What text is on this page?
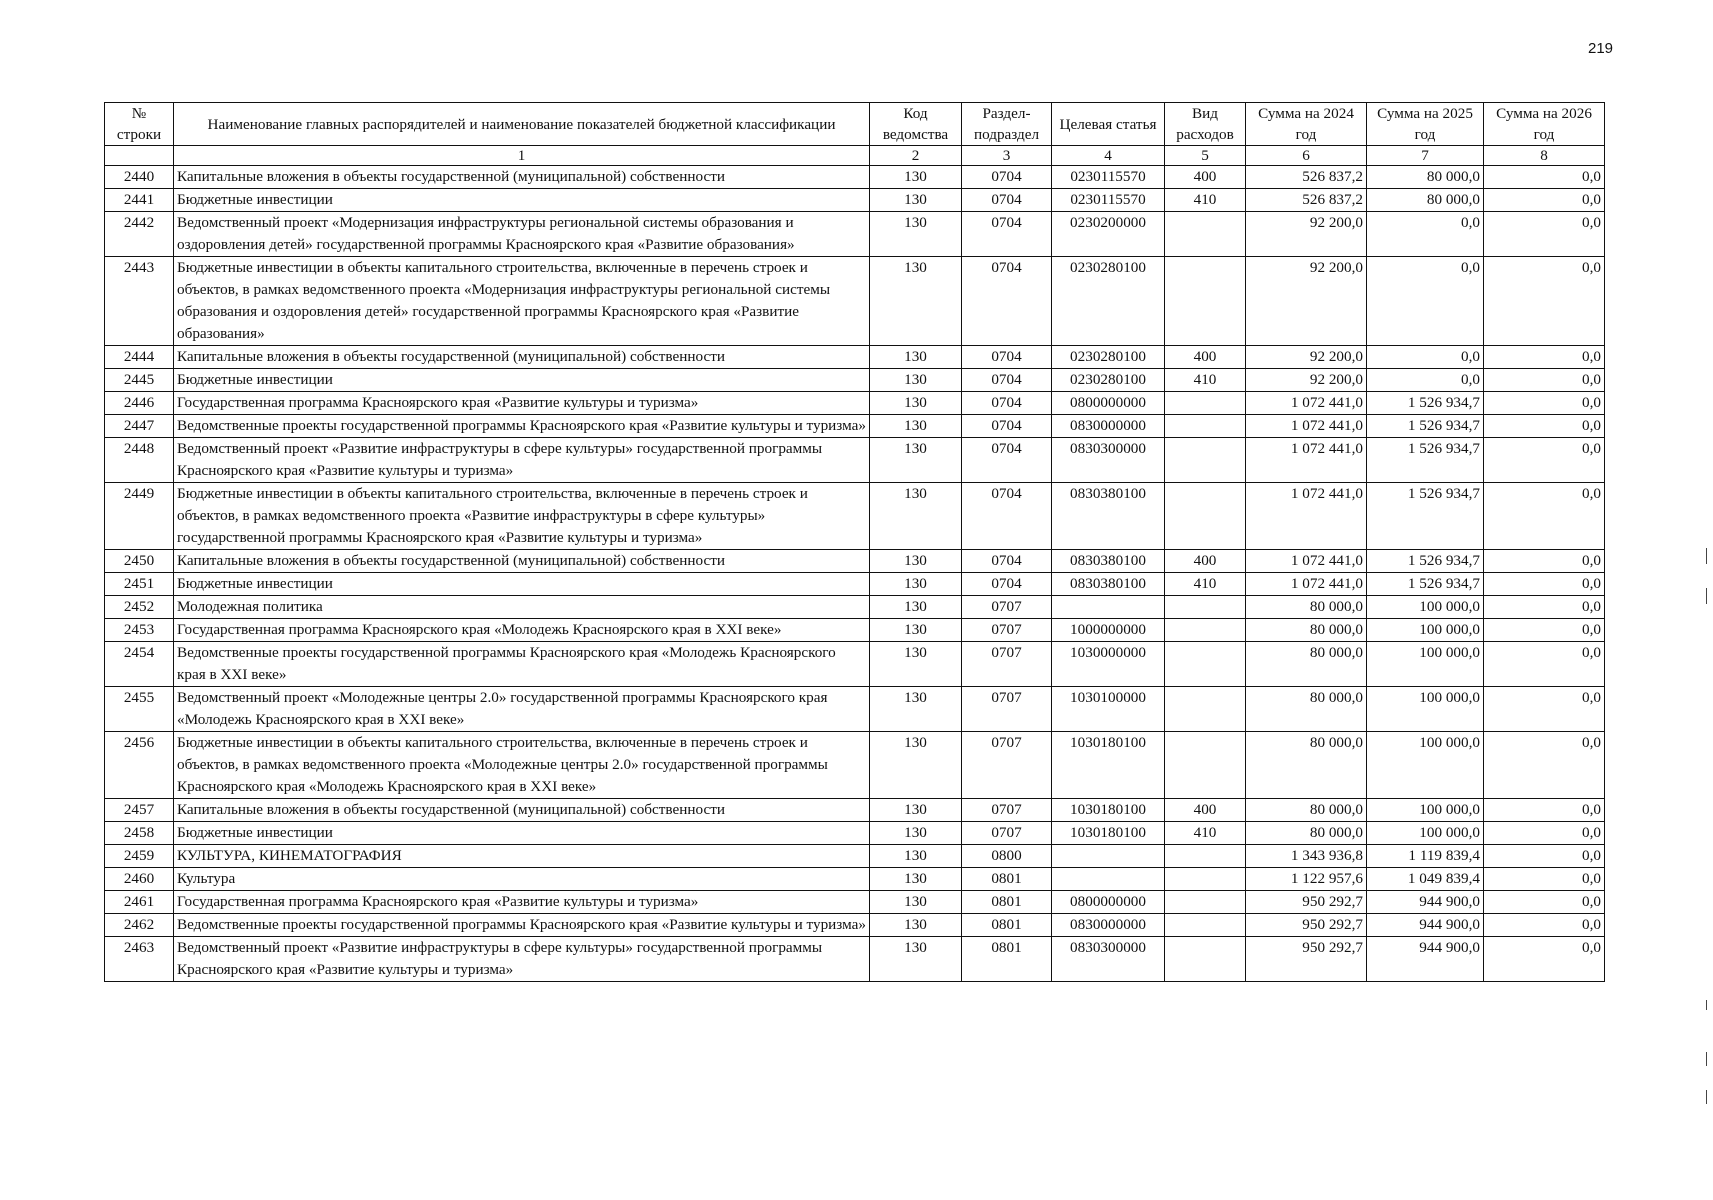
219
№ строки	Наименование главных распорядителей и наименование показателей бюджетной классификации	Код ведомства	Раздел-подраздел	Целевая статья	Вид расходов	Сумма на 2024 год	Сумма на 2025 год	Сумма на 2026 год
	1	2	3	4	5	6	7	8
2440	Капитальные вложения в объекты государственной (муниципальной) собственности	130	0704	0230115570	400	526 837,2	80 000,0	0,0
2441	Бюджетные инвестиции	130	0704	0230115570	410	526 837,2	80 000,0	0,0
2442	Ведомственный проект «Модернизация инфраструктуры региональной системы образования и оздоровления детей» государственной программы Красноярского края «Развитие образования»	130	0704	0230200000		92 200,0	0,0	0,0
2443	Бюджетные инвестиции в объекты капитального строительства, включенные в перечень строек и объектов, в рамках ведомственного проекта «Модернизация инфраструктуры региональной системы образования и оздоровления детей» государственной программы Красноярского края «Развитие образования»	130	0704	0230280100		92 200,0	0,0	0,0
2444	Капитальные вложения в объекты государственной (муниципальной) собственности	130	0704	0230280100	400	92 200,0	0,0	0,0
2445	Бюджетные инвестиции	130	0704	0230280100	410	92 200,0	0,0	0,0
2446	Государственная программа Красноярского края «Развитие культуры и туризма»	130	0704	0800000000		1 072 441,0	1 526 934,7	0,0
2447	Ведомственные проекты государственной программы Красноярского края «Развитие культуры и туризма»	130	0704	0830000000		1 072 441,0	1 526 934,7	0,0
2448	Ведомственный проект «Развитие инфраструктуры в сфере культуры» государственной программы Красноярского края «Развитие культуры и туризма»	130	0704	0830300000		1 072 441,0	1 526 934,7	0,0
2449	Бюджетные инвестиции в объекты капитального строительства, включенные в перечень строек и объектов, в рамках ведомственного проекта «Развитие инфраструктуры в сфере культуры» государственной программы Красноярского края «Развитие культуры и туризма»	130	0704	0830380100		1 072 441,0	1 526 934,7	0,0
2450	Капитальные вложения в объекты государственной (муниципальной) собственности	130	0704	0830380100	400	1 072 441,0	1 526 934,7	0,0
2451	Бюджетные инвестиции	130	0704	0830380100	410	1 072 441,0	1 526 934,7	0,0
2452	Молодежная политика	130	0707			80 000,0	100 000,0	0,0
2453	Государственная программа Красноярского края «Молодежь Красноярского края в XXI веке»	130	0707	1000000000		80 000,0	100 000,0	0,0
2454	Ведомственные проекты государственной программы Красноярского края «Молодежь Красноярского края в XXI веке»	130	0707	1030000000		80 000,0	100 000,0	0,0
2455	Ведомственный проект «Молодежные центры 2.0» государственной программы Красноярского края «Молодежь Красноярского края в XXI веке»	130	0707	1030100000		80 000,0	100 000,0	0,0
2456	Бюджетные инвестиции в объекты капитального строительства, включенные в перечень строек и объектов, в рамках ведомственного проекта «Молодежные центры 2.0» государственной программы Красноярского края «Молодежь Красноярского края в XXI веке»	130	0707	1030180100		80 000,0	100 000,0	0,0
2457	Капитальные вложения в объекты государственной (муниципальной) собственности	130	0707	1030180100	400	80 000,0	100 000,0	0,0
2458	Бюджетные инвестиции	130	0707	1030180100	410	80 000,0	100 000,0	0,0
2459	КУЛЬТУРА, КИНЕМАТОГРАФИЯ	130	0800			1 343 936,8	1 119 839,4	0,0
2460	Культура	130	0801			1 122 957,6	1 049 839,4	0,0
2461	Государственная программа Красноярского края «Развитие культуры и туризма»	130	0801	0800000000		950 292,7	944 900,0	0,0
2462	Ведомственные проекты государственной программы Красноярского края «Развитие культуры и туризма»	130	0801	0830000000		950 292,7	944 900,0	0,0
2463	Ведомственный проект «Развитие инфраструктуры в сфере культуры» государственной программы Красноярского края «Развитие культуры и туризма»	130	0801	0830300000		950 292,7	944 900,0	0,0
